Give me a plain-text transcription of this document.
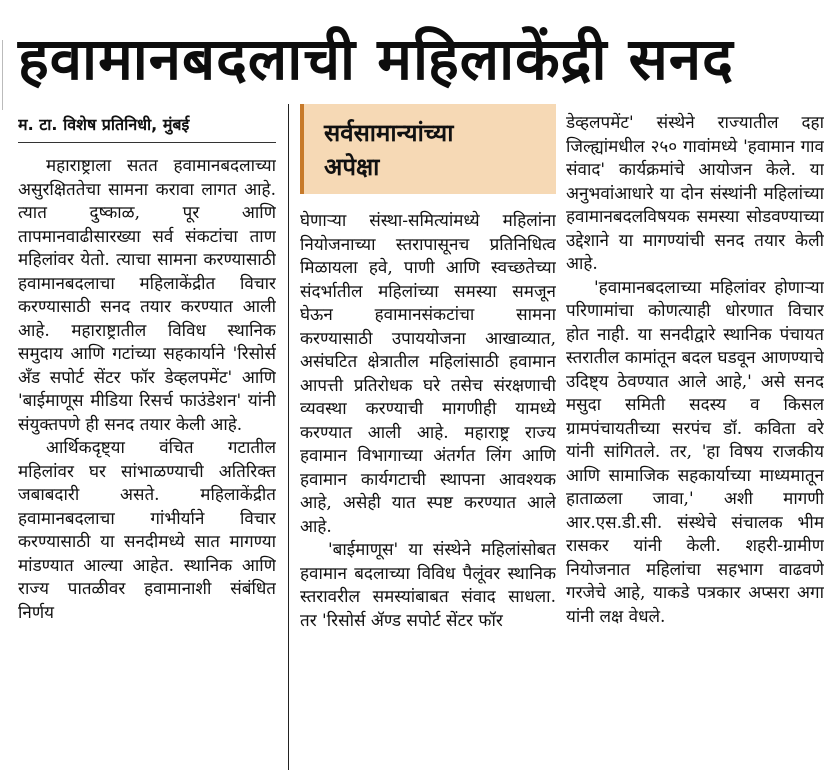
हवामानबदलाची महिलाकेंद्री सनद
म. टा. विशेष प्रतिनिधी, मुंबई

महाराष्ट्राला सतत हवामानबदलाच्या असुरक्षिततेचा सामना करावा लागत आहे. त्यात दुष्काळ, पूर आणि तापमानवाढीसारख्या सर्व संकटांचा ताण महिलांवर येतो. त्याचा सामना करण्यासाठी हवामानबदलाचा महिलाकेंद्रीत विचार करण्यासाठी सनद तयार करण्यात आली आहे. महाराष्ट्रातील विविध स्थानिक समुदाय आणि गटांच्या सहकार्याने 'रिसोर्स अँड सपोर्ट सेंटर फॉर डेव्हलपमेंट' आणि 'बाईमाणूस मीडिया रिसर्च फाउंडेशन' यांनी संयुक्तपणे ही सनद तयार केली आहे.

आर्थिकदृष्ट्या वंचित गटातील महिलांवर घर सांभाळण्याची अतिरिक्त जबाबदारी असते. महिलाकेंद्रीत हवामानबदलाचा गांभीर्याने विचार करण्यासाठी या सनदीमध्ये सात मागण्या मांडण्यात आल्या आहेत. स्थानिक आणि राज्य पातळीवर हवामानाशी संबंधित निर्णय

सर्वसामान्यांच्या
अपेक्षा

घेणाऱ्या संस्था-समित्यांमध्ये महिलांना नियोजनाच्या स्तरापासूनच प्रतिनिधित्व मिळायला हवे, पाणी आणि स्वच्छतेच्या संदर्भातील महिलांच्या समस्या समजून घेऊन हवामानसंकटांचा सामना करण्यासाठी उपाययोजना आखाव्यात, असंघटित क्षेत्रातील महिलांसाठी हवामान आपत्ती प्रतिरोधक घरे तसेच संरक्षणाची व्यवस्था करण्याची मागणीही यामध्ये करण्यात आली आहे. महाराष्ट्र राज्य हवामान विभागाच्या अंतर्गत लिंग आणि हवामान कार्यगटाची स्थापना आवश्यक आहे, असेही यात स्पष्ट करण्यात आले आहे.

'बाईमाणूस' या संस्थेने महिलांसोबत हवामान बदलाच्या विविध पैलूंवर स्थानिक स्तरावरील समस्यांबाबत संवाद साधला. तर 'रिसोर्स ॲण्ड सपोर्ट सेंटर फॉर

डेव्हलपमेंट' संस्थेने राज्यातील दहा जिल्ह्यांमधील २५० गावांमध्ये 'हवामान गाव संवाद' कार्यक्रमांचे आयोजन केले. या अनुभवांआधारे या दोन संस्थांनी महिलांच्या हवामानबदलविषयक समस्या सोडवण्याच्या उद्देशाने या मागण्यांची सनद तयार केली आहे.

'हवामानबदलाच्या महिलांवर होणाऱ्या परिणामांचा कोणत्याही धोरणात विचार होत नाही. या सनदीद्वारे स्थानिक पंचायत स्तरातील कामांतून बदल घडवून आणण्याचे उदिष्ट्य ठेवण्यात आले आहे,' असे सनद मसुदा समिती सदस्य व किसल ग्रामपंचायतीच्या सरपंच डॉ. कविता वरे यांनी सांगितले. तर, 'हा विषय राजकीय आणि सामाजिक सहकार्याच्या माध्यमातून हाताळला जावा,' अशी मागणी आर.एस.डी.सी. संस्थेचे संचालक भीम रासकर यांनी केली. शहरी-ग्रामीण नियोजनात महिलांचा सहभाग वाढवणे गरजेचे आहे, याकडे पत्रकार अप्सरा अगा यांनी लक्ष वेधले.
